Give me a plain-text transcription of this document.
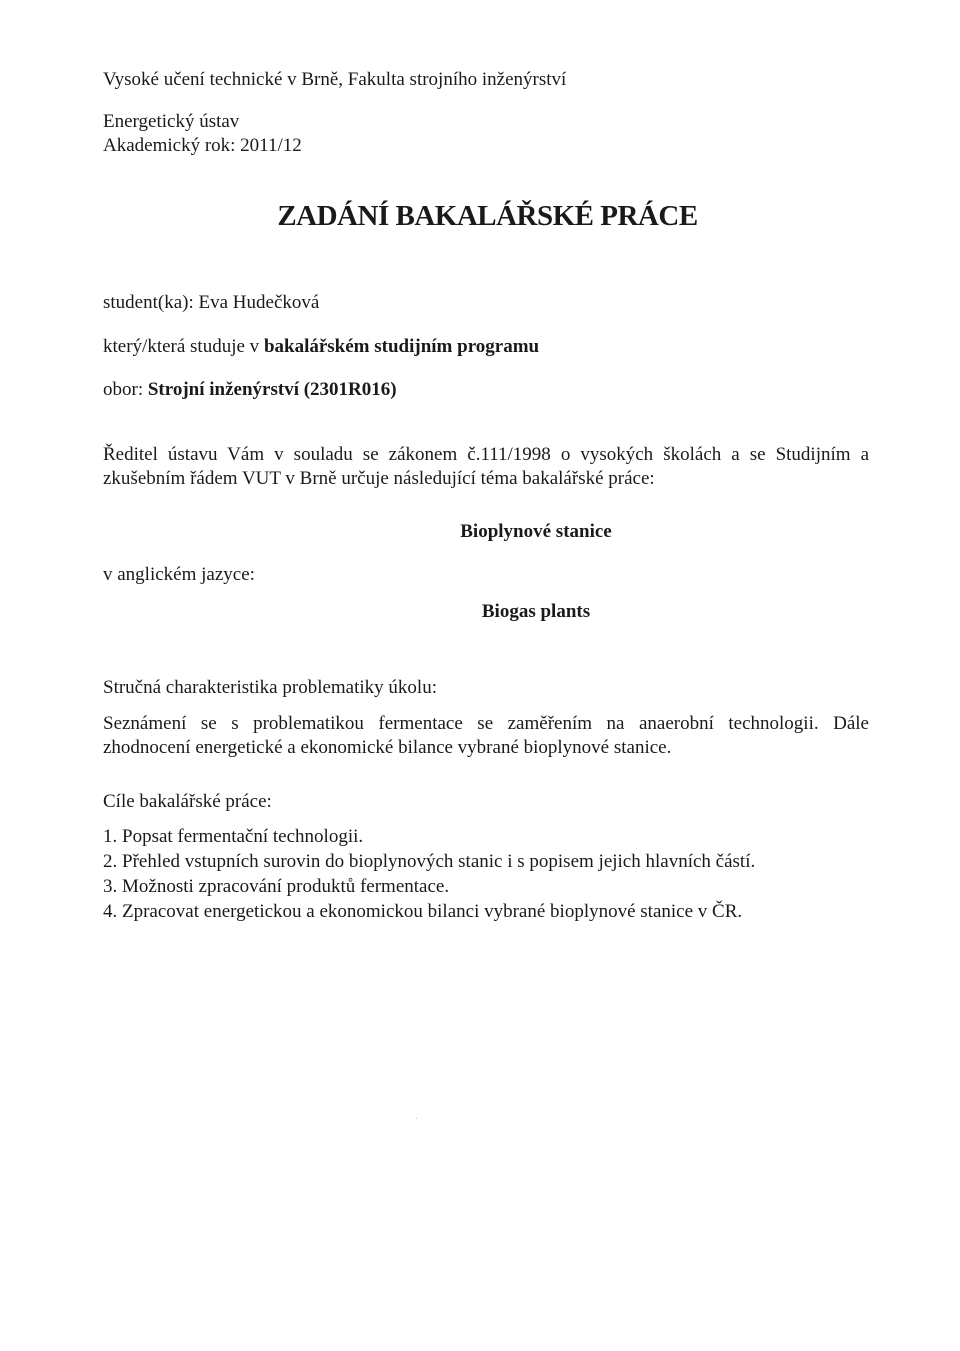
Vysoké učení technické v Brně, Fakulta strojního inženýrství
Energetický ústav
Akademický rok: 2011/12
ZADÁNÍ BAKALÁŘSKÉ PRÁCE
student(ka): Eva Hudečková
který/která studuje v bakalářském studijním programu
obor: Strojní inženýrství (2301R016)
Ředitel ústavu Vám v souladu se zákonem č.111/1998 o vysokých školách a se Studijním a
zkušebním řádem VUT v Brně určuje následující téma bakalářské práce:
Bioplynové stanice
v anglickém jazyce:
Biogas plants
Stručná charakteristika problematiky úkolu:
Seznámení se s problematikou fermentace se zaměřením na anaerobní technologii. Dále
zhodnocení energetické a ekonomické bilance vybrané bioplynové stanice.
Cíle bakalářské práce:
1. Popsat fermentační technologii.
2. Přehled vstupních surovin do bioplynových stanic i s popisem jejich hlavních částí.
3. Možnosti zpracování produktů fermentace.
4. Zpracovat energetickou a ekonomickou bilanci vybrané bioplynové stanice v ČR.
·
